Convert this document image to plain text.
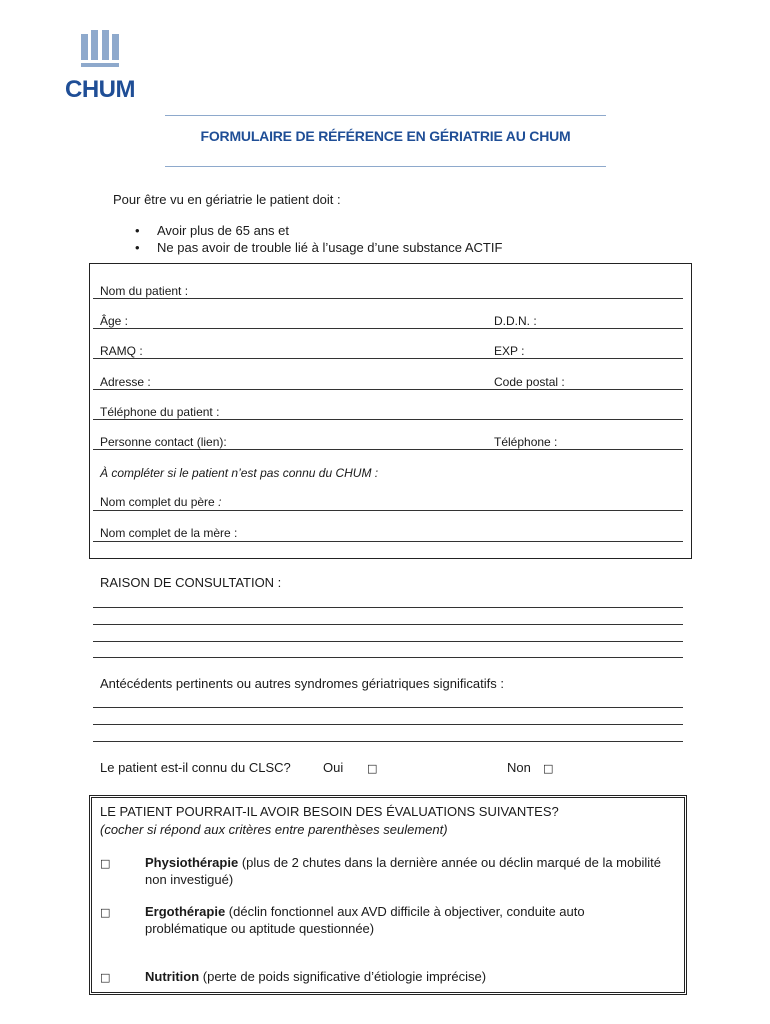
CHUM
FORMULAIRE DE RÉFÉRENCE EN GÉRIATRIE AU CHUM
Pour être vu en gériatrie le patient doit :
• Avoir plus de 65 ans et
• Ne pas avoir de trouble lié à l’usage d’une substance ACTIF
Nom du patient :
Âge :	D.D.N. :
RAMQ :	EXP :
Adresse :	Code postal :
Téléphone du patient :
Personne contact (lien):	Téléphone :
À compléter si le patient n’est pas connu du CHUM :
Nom complet du père :
Nom complet de la mère :
RAISON DE CONSULTATION :
Antécédents pertinents ou autres syndromes gériatriques significatifs :
Le patient est-il connu du CLSC? Oui □	Non □
LE PATIENT POURRAIT-IL AVOIR BESOIN DES ÉVALUATIONS SUIVANTES?
(cocher si répond aux critères entre parenthèses seulement)
□	Physiothérapie (plus de 2 chutes dans la dernière année ou déclin marqué de la mobilité non investigué)
□	Ergothérapie (déclin fonctionnel aux AVD difficile à objectiver, conduite auto problématique ou aptitude questionnée)
□	Nutrition (perte de poids significative d’étiologie imprécise)
